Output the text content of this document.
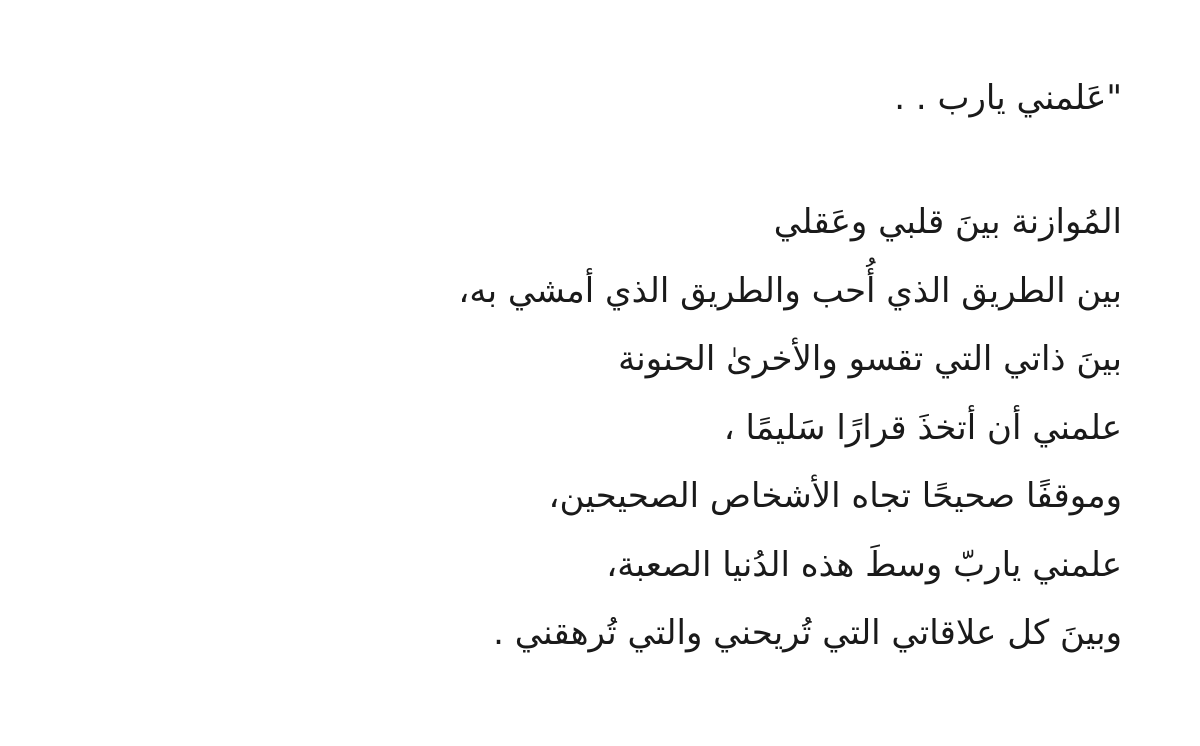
"عَلمني يارب . .

المُوازنة بينَ قلبي وعَقلي
بين الطريق الذي أُحب والطريق الذي أمشي به،
بينَ ذاتي التي تقسو والأخرىٰ الحنونة
علمني أن أتخذَ قرارًا سَليمًا ،
وموقفًا صحيحًا تجاه الأشخاص الصحيحين،
علمني ياربّ وسطَ هذه الدُنيا الصعبة،
وبينَ كل علاقاتي التي تُريحني والتي تُرهقني .
